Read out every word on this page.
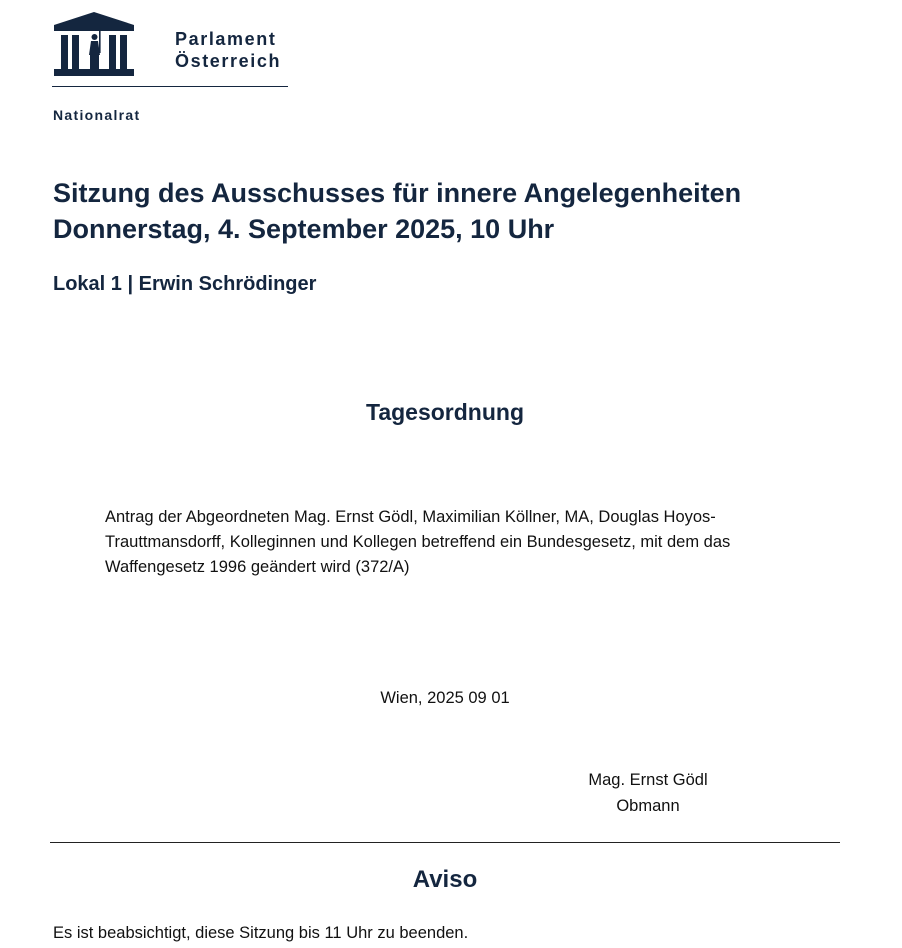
Parlament
Österreich
Nationalrat
Sitzung des Ausschusses für innere Angelegenheiten
Donnerstag, 4. September 2025, 10 Uhr
Lokal 1 | Erwin Schrödinger
Tagesordnung
Antrag der Abgeordneten Mag. Ernst Gödl, Maximilian Köllner, MA, Douglas Hoyos-Trauttmansdorff, Kolleginnen und Kollegen betreffend ein Bundesgesetz, mit dem das Waffengesetz 1996 geändert wird (372/A)
Wien, 2025 09 01
Mag. Ernst Gödl
Obmann
Aviso
Es ist beabsichtigt, diese Sitzung bis 11 Uhr zu beenden.
